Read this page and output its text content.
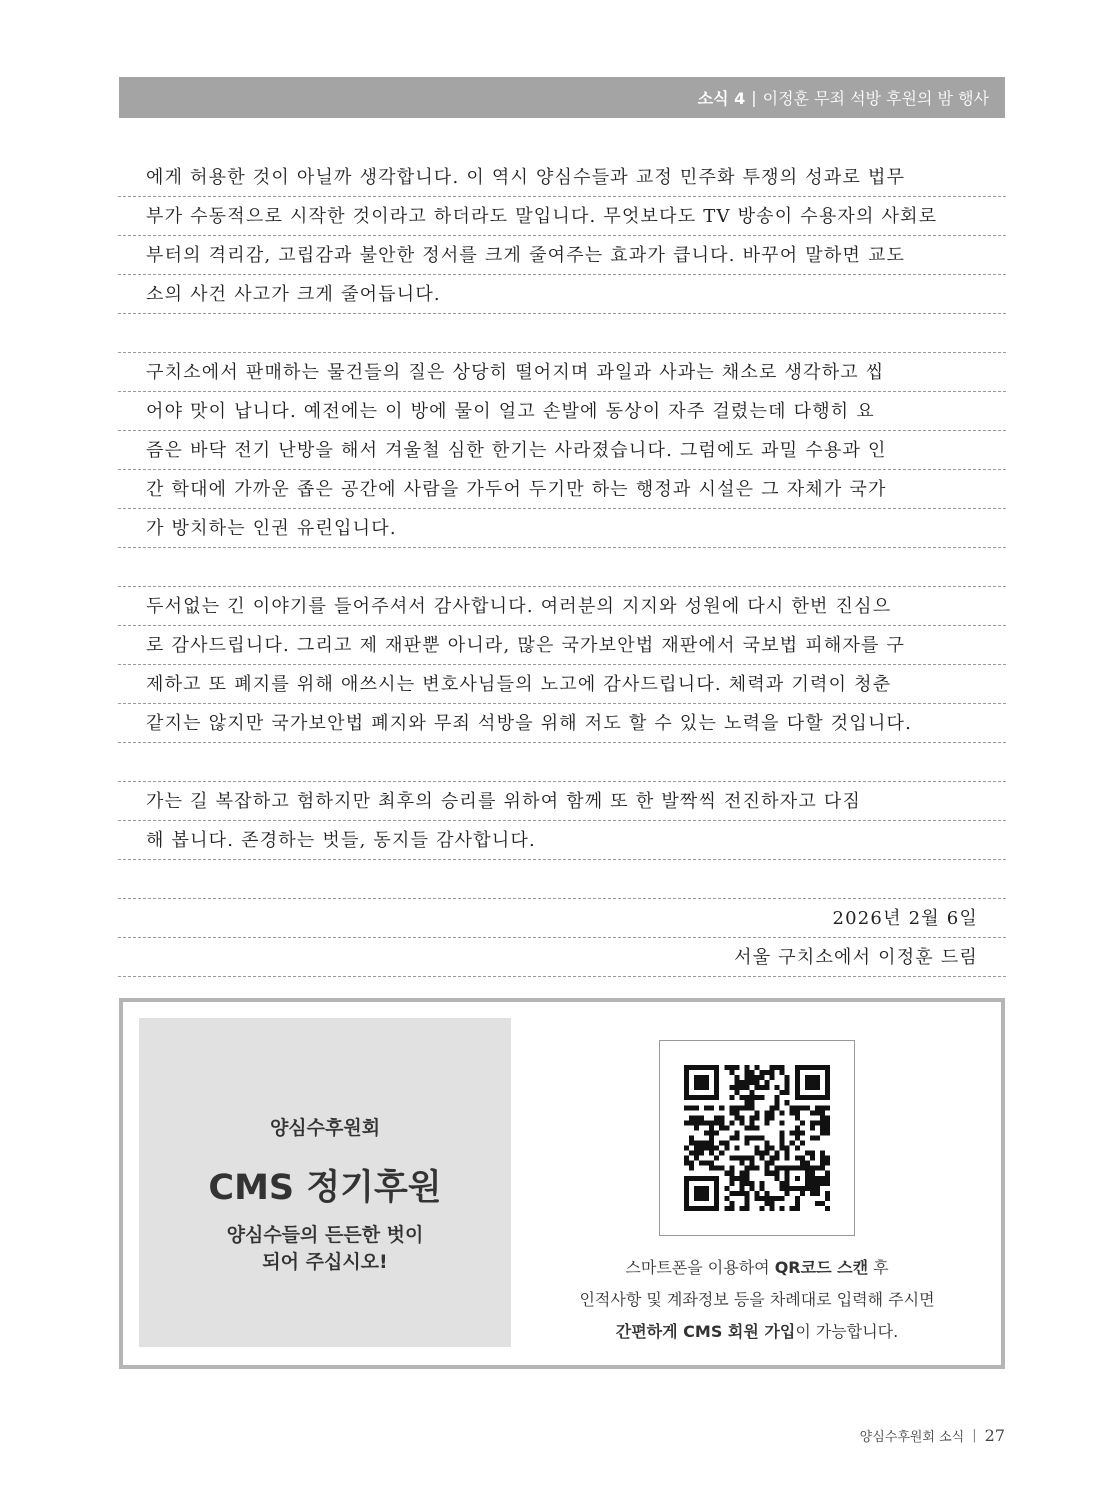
소식 4 | 이정훈 무죄 석방 후원의 밤 행사
에게 허용한 것이 아닐까 생각합니다. 이 역시 양심수들과 교정 민주화 투쟁의 성과로 법무
부가 수동적으로 시작한 것이라고 하더라도 말입니다. 무엇보다도 TV 방송이 수용자의 사회로
부터의 격리감, 고립감과 불안한 정서를 크게 줄여주는 효과가 큽니다. 바꾸어 말하면 교도
소의 사건 사고가 크게 줄어듭니다.
구치소에서 판매하는 물건들의 질은 상당히 떨어지며 과일과 사과는 채소로 생각하고 씹
어야 맛이 납니다. 예전에는 이 방에 물이 얼고 손발에 동상이 자주 걸렸는데 다행히 요
즘은 바닥 전기 난방을 해서 겨울철 심한 한기는 사라졌습니다. 그럼에도 과밀 수용과 인
간 학대에 가까운 좁은 공간에 사람을 가두어 두기만 하는 행정과 시설은 그 자체가 국가
가 방치하는 인권 유린입니다.
두서없는 긴 이야기를 들어주셔서 감사합니다. 여러분의 지지와 성원에 다시 한번 진심으
로 감사드립니다. 그리고 제 재판뿐 아니라, 많은 국가보안법 재판에서 국보법 피해자를 구
제하고 또 폐지를 위해 애쓰시는 변호사님들의 노고에 감사드립니다. 체력과 기력이 청춘
같지는 않지만 국가보안법 폐지와 무죄 석방을 위해 저도 할 수 있는 노력을 다할 것입니다.
가는 길 복잡하고 험하지만 최후의 승리를 위하여 함께 또 한 발짝씩 전진하자고 다짐
해 봅니다. 존경하는 벗들, 동지들 감사합니다.
2026년 2월 6일
서울 구치소에서 이정훈 드림
양심수후원회
CMS 정기후원
양심수들의 든든한 벗이
되어 주십시오!	스마트폰을 이용하여 QR코드 스캔 후
인적사항 및 계좌정보 등을 차례대로 입력해 주시면
간편하게 CMS 회원 가입이 가능합니다.
양심수후원회 소식 | 27
